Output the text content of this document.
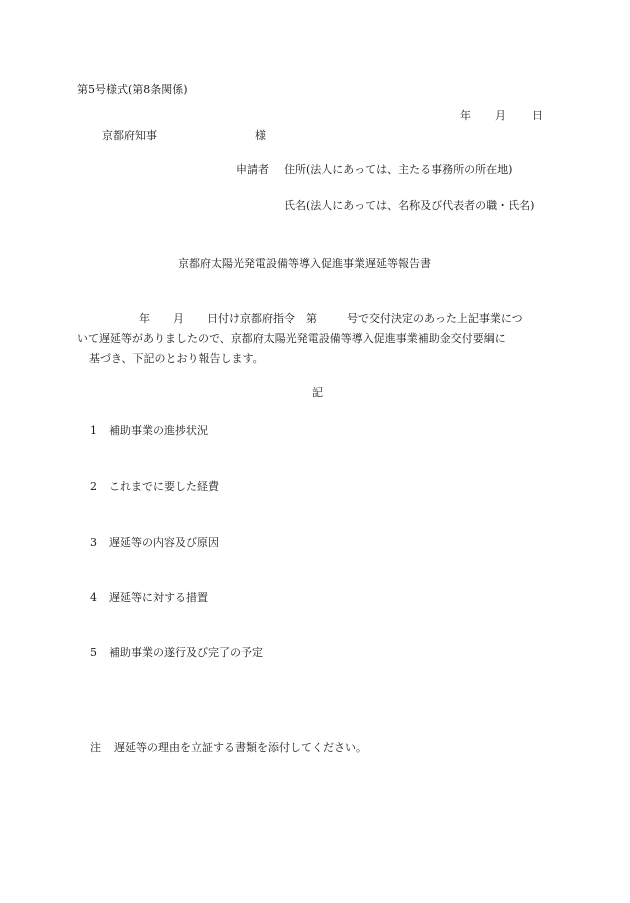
第5号様式(第8条関係)
年 月 日
京都府知事	様
申請者 住所(法人にあっては、主たる事務所の所在地)
氏名(法人にあっては、名称及び代表者の職・氏名)
京都府太陽光発電設備等導入促進事業遅延等報告書
年 月 日付け京都府指令　第	号で交付決定のあった上記事業につ
いて遅延等がありましたので、京都府太陽光発電設備等導入促進事業補助金交付要綱に
基づき、下記のとおり報告します。
記
1 補助事業の進捗状況
2 これまでに要した経費
3 遅延等の内容及び原因
4 遅延等に対する措置
5 補助事業の遂行及び完了の予定
注 遅延等の理由を立証する書類を添付してください。
